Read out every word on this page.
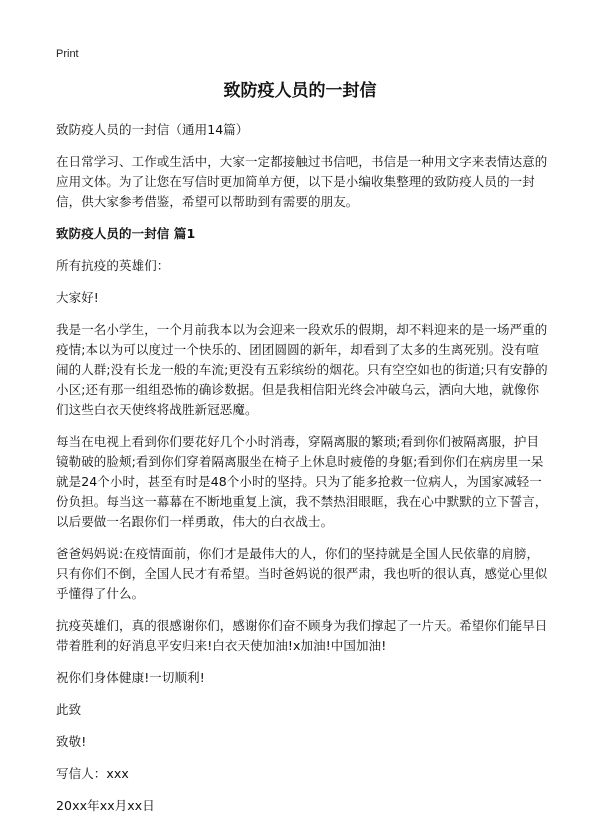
Print
致防疫人员的一封信

致防疫人员的一封信（通用14篇）

在日常学习、工作或生活中，大家一定都接触过书信吧，书信是一种用文字来表情达意的应用文体。为了让您在写信时更加简单方便，以下是小编收集整理的致防疫人员的一封信，供大家参考借鉴，希望可以帮助到有需要的朋友。

致防疫人员的一封信 篇1

所有抗疫的英雄们：

大家好!

我是一名小学生，一个月前我本以为会迎来一段欢乐的假期，却不料迎来的是一场严重的疫情;本以为可以度过一个快乐的、团团圆圆的新年，却看到了太多的生离死别。没有喧闹的人群;没有长龙一般的车流;更没有五彩缤纷的烟花。只有空空如也的街道;只有安静的小区;还有那一组组恐怖的确诊数据。但是我相信阳光终会冲破乌云，洒向大地，就像你们这些白衣天使终将战胜新冠恶魔。

每当在电视上看到你们要花好几个小时消毒，穿隔离服的繁琐;看到你们被隔离服，护目镜勒破的脸颊;看到你们穿着隔离服坐在椅子上休息时疲倦的身躯;看到你们在病房里一呆就是24个小时，甚至有时是48个小时的坚持。只为了能多抢救一位病人，为国家减轻一份负担。每当这一幕幕在不断地重复上演，我不禁热泪眼眶，我在心中默默的立下誓言，以后要做一名跟你们一样勇敢，伟大的白衣战士。

爸爸妈妈说:在疫情面前，你们才是最伟大的人，你们的坚持就是全国人民依靠的肩膀，只有你们不倒，全国人民才有希望。当时爸妈说的很严肃，我也听的很认真，感觉心里似乎懂得了什么。

抗疫英雄们，真的很感谢你们，感谢你们奋不顾身为我们撑起了一片天。希望你们能早日带着胜利的好消息平安归来!白衣天使加油!x加油!中国加油!

祝你们身体健康!一切顺利!

此致

致敬!

写信人：xxx

20xx年xx月xx日
